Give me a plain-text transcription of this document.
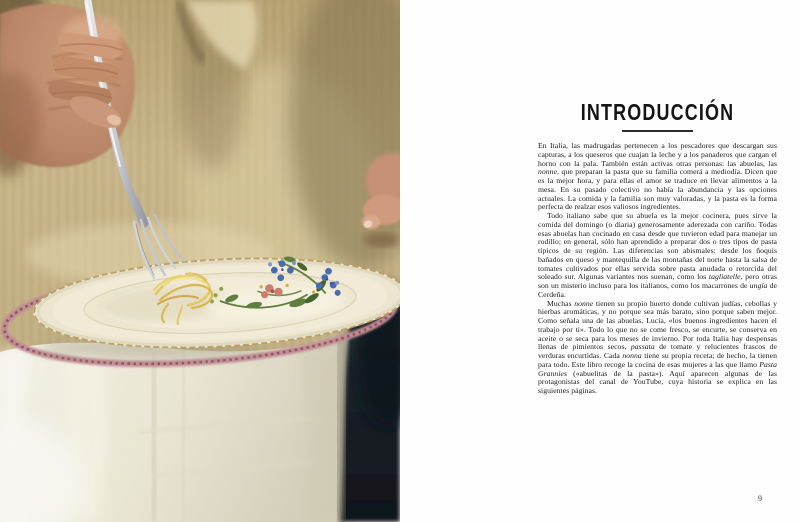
INTRODUCCIÓN

En Italia, las madrugadas pertenecen a los pescadores que descargan sus capturas, a los queseros que cuajan la leche y a los panaderos que cargan el horno con la pala. También están activas otras personas: las abuelas, las nonne, que preparan la pasta que su familia comerá a mediodía. Dicen que es la mejor hora, y para ellas el amor se traduce en llevar alimentos a la mesa. En su pasado colectivo no había la abundancia y las opciones actuales. La comida y la familia son muy valoradas, y la pasta es la forma perfecta de realzar esos valiosos ingredientes.

Todo italiano sabe que su abuela es la mejor cocinera, pues sirve la comida del domingo (o diaria) generosamente aderezada con cariño. Todas esas abuelas han cocinado en casa desde que tuvieron edad para manejar un rodillo; en general, sólo han aprendido a preparar dos o tres tipos de pasta típicos de su región. Las diferencias son abismales: desde los ñoquis bañados en queso y mantequilla de las montañas del norte hasta la salsa de tomates cultivados por ellas servida sobre pasta anudada o retorcida del soleado sur. Algunas variantes nos suenan, como los tagliatelle, pero otras son un misterio incluso para los italianos, como los macarrones de ungía de Cerdeña.

Muchas nonne tienen su propio huerto donde cultivan judías, cebollas y hierbas aromáticas, y no porque sea más barato, sino porque saben mejor. Como señala una de las abuelas, Lucía, «los buenos ingredientes hacen el trabajo por ti». Todo lo que no se come fresco, se encurte, se conserva en aceite o se seca para los meses de invierno. Por toda Italia hay despensas llenas de pimientos secos, passata de tomate y relucientes frascos de verduras encurtidas. Cada nonna tiene su propia receta; de hecho, la tienen para todo. Este libro recoge la cocina de esas mujeres a las que llamo Pasta Grannies («abuelitas de la pasta»). Aquí aparecen algunas de las protagonistas del canal de YouTube, cuya historia se explica en las siguientes páginas.

9
